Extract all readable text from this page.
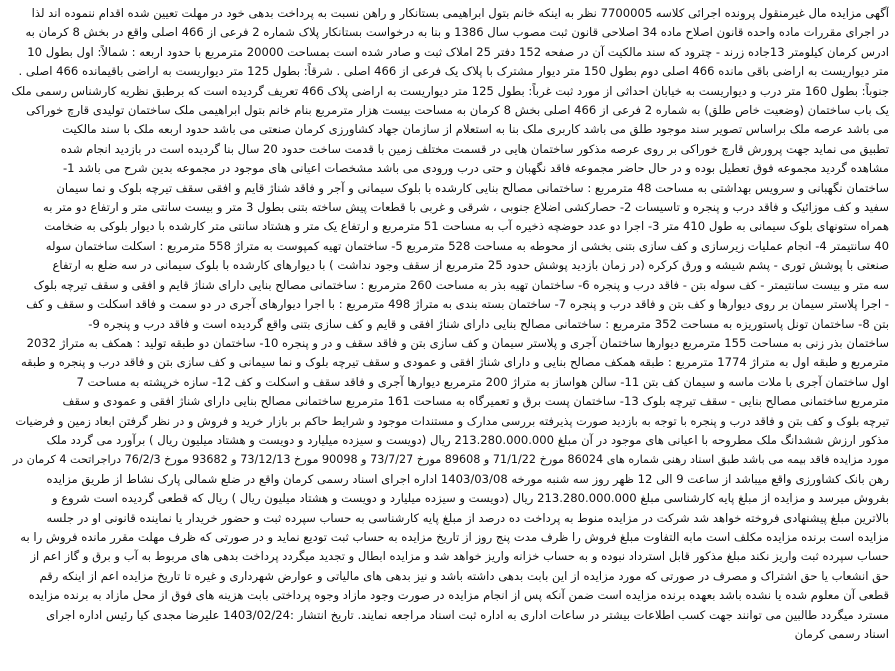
آگهی مزایده مال غیرمنقول پرونده اجرائی کلاسه 7700005 نظر به اینکه خانم بتول ابراهیمی بستانکار و راهن نسبت به پرداخت بدهی خود در مهلت تعیین شده اقدام ننموده اند لذا
در اجرای مقررات ماده واحده قانون اصلاح ماده 34 اصلاحی قانون ثبت مصوب سال 1386 و بنا به درخواست بستانکار پلاک شماره 2 فرعی از 466 اصلی واقع در بخش 8 کرمان به
ادرس کرمان کیلومتر 13جاده زرند - چترود که سند مالکیت آن در صفحه 152 دفتر 25 املاک ثبت و صادر شده است بمساحت 20000 مترمربع با حدود اربعه : شمالاً: اول بطول 10
متر دیواریست به اراضی باقی مانده 466 اصلی دوم بطول 150 متر دیوار مشترک با پلاک یک فرعی از 466 اصلی . شرقاً: بطول 125 متر دیواریست به اراضی باقیمانده 466 اصلی .
جنوباً: بطول 160 متر درب و دیواریست به خیابان احداثی از مورد ثبت غرباً: بطول 125 متر دیواریست به اراضی پلاک 466 تعریف گردیده است که برطبق نظریه کارشناس رسمی ملک
یک باب ساختمان (وضعیت خاص طلق) به شماره 2 فرعی از 466 اصلی بخش 8 کرمان به مساحت بیست هزار مترمربع بنام خانم بتول ابراهیمی ملک ساختمان تولیدی قارچ خوراکی
می باشد عرصه ملک براساس تصویر سند موجود طلق می باشد کاربری ملک بنا به استعلام از سازمان جهاد کشاورزی کرمان صنعتی می باشد حدود اربعه ملک با سند مالکیت
تطبیق می نماید جهت پرورش قارچ خوراکی بر روی عرصه مذکور ساختمان هایی در قسمت مختلف زمین با قدمت ساخت حدود 20 سال بنا گردیده است در بازدید انجام شده
مشاهده گردید مجموعه فوق تعطیل بوده و در حال حاضر مجموعه فاقد نگهبان و حتی درب ورودی می باشد مشخصات اعیانی های موجود در مجموعه بدین شرح می باشد 1-
ساختمان نگهبانی و سرویس بهداشتی به مساحت 48 مترمربع : ساختمانی مصالح بنایی کارشده با بلوک سیمانی و آجر و فاقد شناژ قایم و افقی سقف تیرچه بلوک و نما سیمان
سفید و کف موزائیک و فاقد درب و پنجره و تاسیسات 2- حصارکشی اضلاع جنوبی ، شرقی و غربی با قطعات پیش ساخته بتنی بطول 3 متر و بیست سانتی متر و ارتفاع دو متر به
همراه ستونهای بلوک سیمانی به طول 410 متر 3- اجرا دو عدد حوضچه ذخیره آب به مساحت 51 مترمربع و ارتفاع یک متر و هشتاد سانتی متر کارشده با دیوار بلوکی به ضخامت
40 سانتیمتر 4- انجام عملیات زیرسازی و کف سازی بتنی بخشی از محوطه به مساحت 528 مترمربع 5- ساختمان تهیه کمپوست به متراژ 558 مترمربع : اسکلت ساختمان سوله
صنعتی با پوشش توری - پشم شیشه و ورق کرکره (در زمان بازدید پوشش حدود 25 مترمربع از سقف وجود نداشت ) با دیوارهای کارشده با بلوک سیمانی در سه ضلع به ارتفاع
سه متر و بیست سانتیمتر - کف سوله بتن - فاقد درب و پنجره 6- ساختمان تهیه بذر به مساحت 260 مترمربع : ساختمانی مصالح بنایی دارای شناژ قایم و افقی و سقف تیرچه بلوک
- اجرا پلاستر سیمان بر روی دیوارها و کف بتن و فاقد درب و پنجره 7- ساختمان بسته بندی به متراژ 498 مترمربع : با اجرا دیوارهای آجری در دو سمت و فاقد اسکلت و سقف و کف
بتن 8- ساختمان تونل پاستوریزه به مساحت 352 مترمربع : ساختمانی مصالح بنایی دارای شناژ افقی و قایم و کف سازی بتنی واقع گردیده است و فاقد درب و پنجره 9-
ساختمان بذر زنی به مساحت 155 مترمربع دیوارها ساختمان آجری و پلاستر سیمان و کف سازی بتن و فاقد سقف و در و پنجره 10- ساختمان دو طبقه تولید : همکف به متراژ 2032
مترمربع و طبقه اول به متراژ 1774 مترمربع : طبقه همکف مصالح بنایی و دارای شناژ افقی و عمودی و سقف تیرچه بلوک و نما سیمانی و کف سازی بتن و فاقد درب و پنجره و طبقه
اول ساختمان آجری با ملات ماسه و سیمان کف بتن 11- سالن هواساز به متراژ 200 مترمربع دیوارها آجری و فاقد سقف و اسکلت و کف 12- سازه خرپشته به مساحت 7
مترمربع ساختمانی مصالح بنایی - سقف تیرچه بلوک 13- ساختمان پست برق و تعمیرگاه به مساحت 161 مترمربع ساختمانی مصالح بنایی دارای شناژ افقی و عمودی و سقف
تیرچه بلوک و کف بتن و فاقد درب و پنجره با توجه به بازدید صورت پذیرفته بررسی مدارک و مستندات موجود و شرایط حاکم بر بازار خرید و فروش و در نظر گرفتن ابعاد زمین و فرضیات
مذکور ارزش ششدانگ ملک مطروحه با اعیانی های موجود در آن مبلغ 213.280.000.000 ریال (دویست و سیزده میلیارد و دویست و هشتاد میلیون ریال ) برآورد می گردد ملک
مورد مزایده فاقد بیمه می باشد طبق اسناد رهنی شماره های 86024 مورخ 71/1/22 و 89608 مورخ 73/7/27 و 90098 مورخ 73/12/13 و 93682 مورخ 76/2/3 دراجراتحت 4 کرمان در
رهن بانک کشاورزی واقع میباشد از ساعت 9 الی 12 ظهر روز سه شنبه مورخه 1403/03/08 اداره اجرای اسناد رسمی کرمان واقع در ضلع شمالی پارک نشاط از طریق مزایده
بفروش میرسد و مزایده از مبلغ پایه کارشناسی مبلغ 213.280.000.000 ریال (دویست و سیزده میلیارد و دویست و هشتاد میلیون ریال ) ریال که قطعی گردیده است شروع و
بالاترین مبلغ پیشنهادی فروخته خواهد شد شرکت در مزایده منوط به پرداخت ده درصد از مبلغ پایه کارشناسی به حساب سپرده ثبت و حضور خریدار یا نماینده قانونی او در جلسه
مزایده است برنده مزایده مکلف است مابه التفاوت مبلغ فروش را ظرف مدت پنج روز از تاریخ مزایده به حساب ثبت تودیع نماید و در صورتی که ظرف مهلت مقرر مانده فروش را به
حساب سپرده ثبت واریز نکند مبلغ مذکور قابل استرداد نبوده و به حساب خزانه واریز خواهد شد و مزایده ابطال و تجدید میگردد پرداخت بدهی های مربوط به آب و برق و گاز اعم از
حق انشعاب یا حق اشتراک و مصرف در صورتی که مورد مزایده از این بابت بدهی داشته باشد و نیز بدهی های مالیاتی و عوارض شهرداری و غیره تا تاریخ مزایده اعم از اینکه رقم
قطعی آن معلوم شده یا نشده باشد بعهده برنده مزایده است ضمن آنکه پس از انجام مزایده در صورت وجود مازاد وجوه پرداختی بابت هزینه های فوق از محل مازاد به برنده مزایده
مسترد میگردد طالبین می توانند جهت کسب اطلاعات بیشتر در ساعات اداری به اداره ثبت اسناد مراجعه نمایند. تاریخ انتشار :1403/02/24 علیرضا مجدی کیا رئیس اداره اجرای
اسناد رسمی کرمان
